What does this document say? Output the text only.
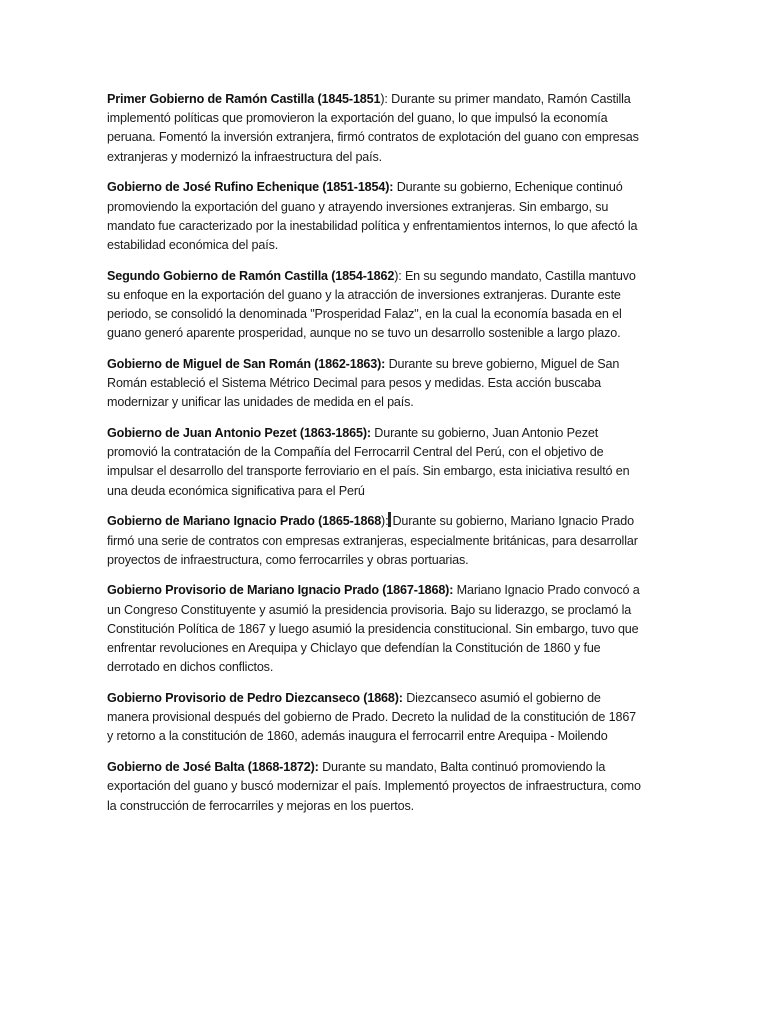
Primer Gobierno de Ramón Castilla (1845-1851): Durante su primer mandato, Ramón Castilla implementó políticas que promovieron la exportación del guano, lo que impulsó la economía peruana. Fomentó la inversión extranjera, firmó contratos de explotación del guano con empresas extranjeras y modernizó la infraestructura del país.

Gobierno de José Rufino Echenique (1851-1854): Durante su gobierno, Echenique continuó promoviendo la exportación del guano y atrayendo inversiones extranjeras. Sin embargo, su mandato fue caracterizado por la inestabilidad política y enfrentamientos internos, lo que afectó la estabilidad económica del país.

Segundo Gobierno de Ramón Castilla (1854-1862): En su segundo mandato, Castilla mantuvo su enfoque en la exportación del guano y la atracción de inversiones extranjeras. Durante este periodo, se consolidó la denominada "Prosperidad Falaz", en la cual la economía basada en el guano generó aparente prosperidad, aunque no se tuvo un desarrollo sostenible a largo plazo.

Gobierno de Miguel de San Román (1862-1863): Durante su breve gobierno, Miguel de San Román estableció el Sistema Métrico Decimal para pesos y medidas. Esta acción buscaba modernizar y unificar las unidades de medida en el país.

Gobierno de Juan Antonio Pezet (1863-1865): Durante su gobierno, Juan Antonio Pezet promovió la contratación de la Compañía del Ferrocarril Central del Perú, con el objetivo de impulsar el desarrollo del transporte ferroviario en el país. Sin embargo, esta iniciativa resultó en una deuda económica significativa para el Perú

Gobierno de Mariano Ignacio Prado (1865-1868): Durante su gobierno, Mariano Ignacio Prado firmó una serie de contratos con empresas extranjeras, especialmente británicas, para desarrollar proyectos de infraestructura, como ferrocarriles y obras portuarias.

Gobierno Provisorio de Mariano Ignacio Prado (1867-1868): Mariano Ignacio Prado convocó a un Congreso Constituyente y asumió la presidencia provisoria. Bajo su liderazgo, se proclamó la Constitución Política de 1867 y luego asumió la presidencia constitucional. Sin embargo, tuvo que enfrentar revoluciones en Arequipa y Chiclayo que defendían la Constitución de 1860 y fue derrotado en dichos conflictos.

Gobierno Provisorio de Pedro Diezcanseco (1868): Diezcanseco asumió el gobierno de manera provisional después del gobierno de Prado. Decreto la nulidad de la constitución de 1867 y retorno a la constitución de 1860, además inaugura el ferrocarril entre Arequipa - Moilendo

Gobierno de José Balta (1868-1872): Durante su mandato, Balta continuó promoviendo la exportación del guano y buscó modernizar el país. Implementó proyectos de infraestructura, como la construcción de ferrocarriles y mejoras en los puertos.
